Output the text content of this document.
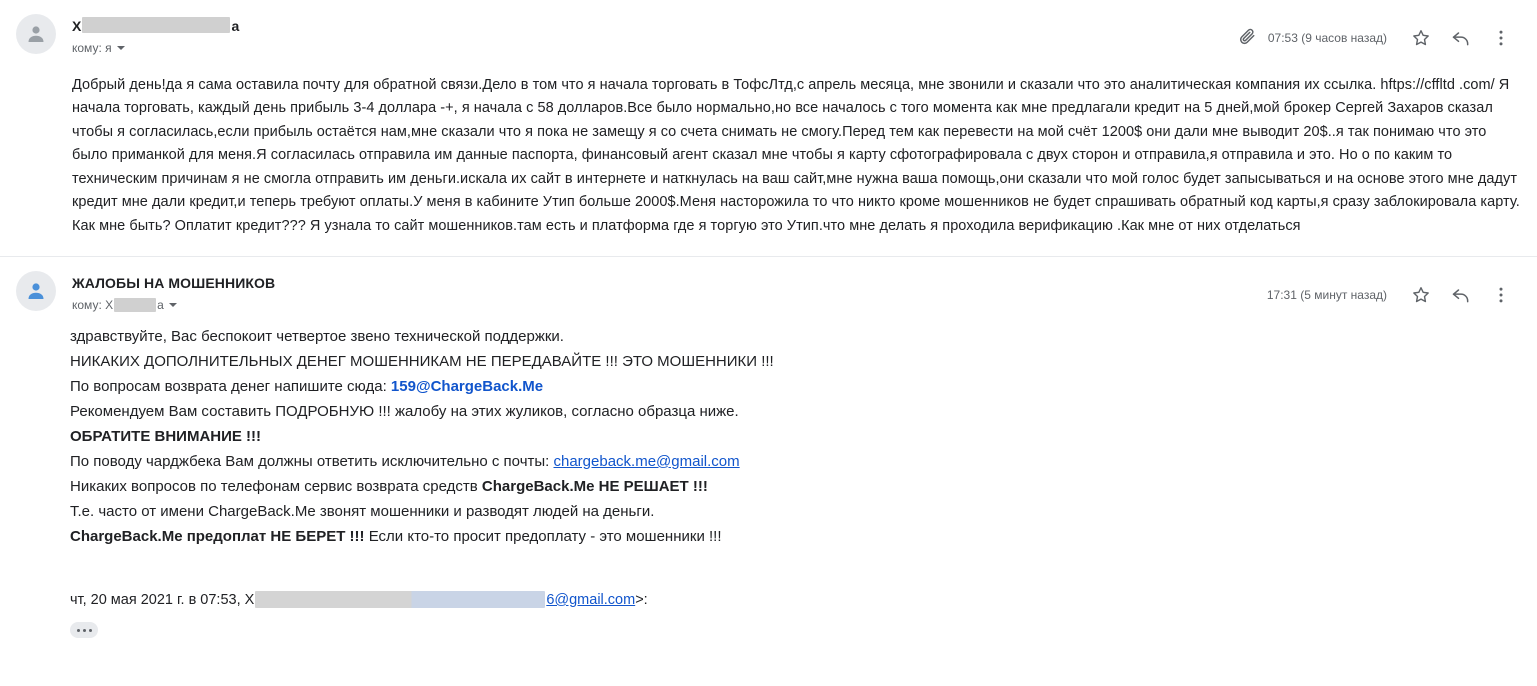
Х	а
кому: я
07:53 (9 часов назад)

Добрый день!да я сама оставила почту для обратной связи.Дело в том что я начала торговать в ТофсЛтд,с апрель месяца, мне звонили и сказали что это аналитическая компания их ссылка. hftps://cffltd .com/ Я начала торговать, каждый день прибыль 3-4 доллара -+, я начала с 58 долларов.Все было нормально,но все началось с того момента как мне предлагали кредит на 5 дней,мой брокер Сергей Захаров сказал чтобы я согласилась,если прибыль остаётся нам,мне сказали что я пока не замещу я со счета снимать не смогу.Перед тем как перевести на мой счёт 1200$ они дали мне выводит 20$..я так понимаю что это было приманкой для меня.Я согласилась отправила им данные паспорта, финансовый агент сказал мне чтобы я карту сфотографировала с двух сторон и отправила,я отправила и это. Но о по каким то техническим причинам я не смогла отправить им деньги.искала их сайт в интернете и наткнулась на ваш сайт,мне нужна ваша помощь,они сказали что мой голос будет запысываться и на основе этого мне дадут кредит мне дали кредит,и теперь требуют оплаты.У меня в кабините Утип больше 2000$.Меня насторожила то что никто кроме мошенников не будет спрашивать обратный код карты,я сразу заблокировала карту. Как мне быть? Оплатит кредит??? Я узнала то сайт мошенников.там есть и платформа где я торгую это Утип.что мне делать я проходила верификацию .Как мне от них отделаться

ЖАЛОБЫ НА МОШЕННИКОВ
кому: Х	а
17:31 (5 минут назад)
здравствуйте, Вас беспокоит четвертое звено технической поддержки.
НИКАКИХ ДОПОЛНИТЕЛЬНЫХ ДЕНЕГ МОШЕННИКАМ НЕ ПЕРЕДАВАЙТЕ !!! ЭТО МОШЕННИКИ !!!
По вопросам возврата денег напишите сюда: 159@ChargeBack.Me
Рекомендуем Вам составить ПОДРОБНУЮ !!! жалобу на этих жуликов, согласно образца ниже.
ОБРАТИТЕ ВНИМАНИЕ !!!
По поводу чарджбека Вам должны ответить исключительно с почты: chargeback.me@gmail.com
Никаких вопросов по телефонам сервис возврата средств ChargeBack.Me НЕ РЕШАЕТ !!!
Т.е. часто от имени ChargeBack.Me звонят мошенники и разводят людей на деньги.
ChargeBack.Me предоплат НЕ БЕРЕТ !!! Если кто-то просит предоплату - это мошенники !!!
чт, 20 мая 2021 г. в 07:53, Х	6@gmail.com >:
